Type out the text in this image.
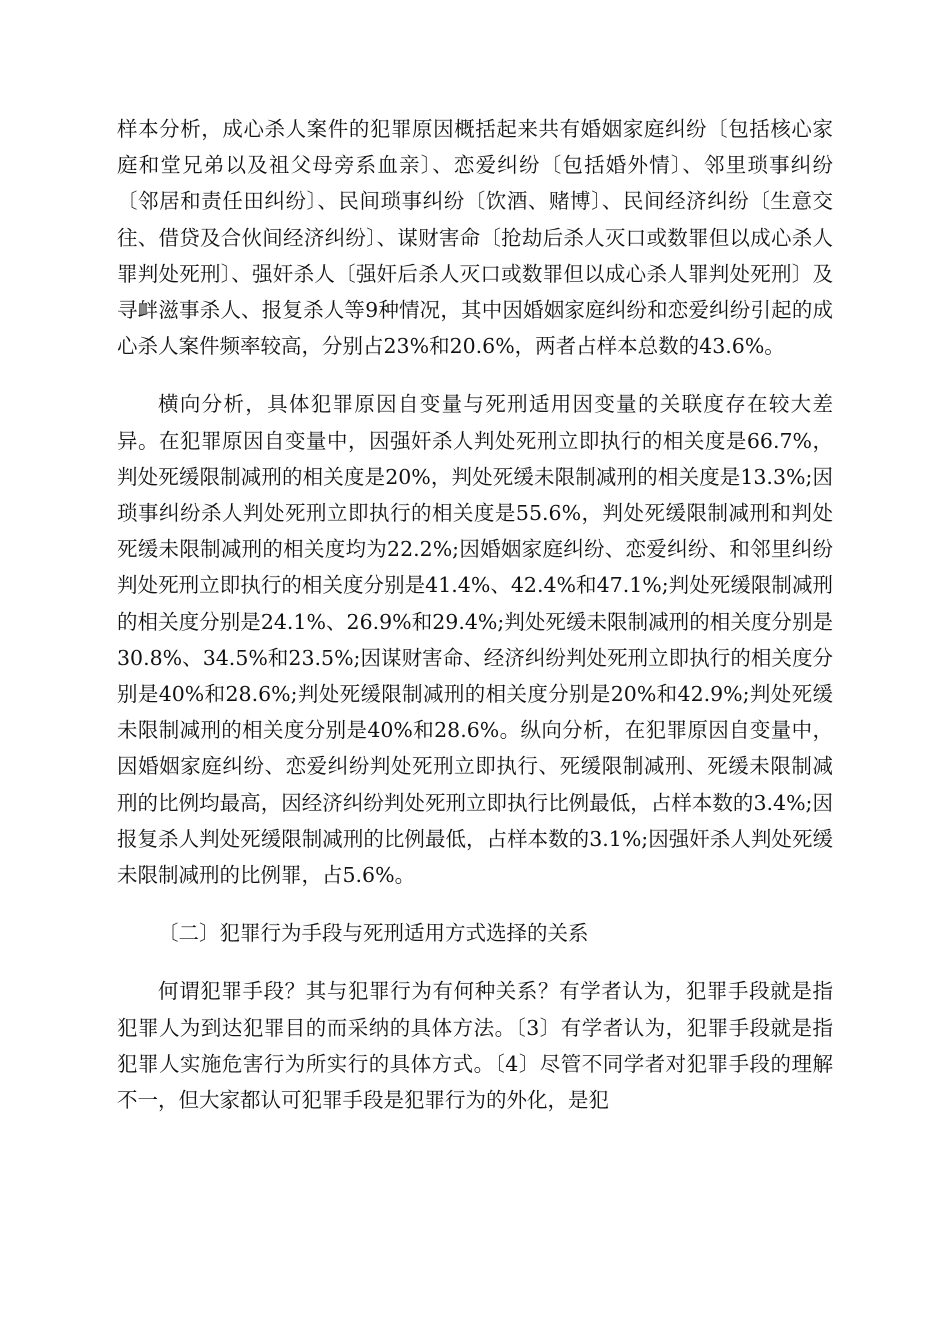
样本分析，成心杀人案件的犯罪原因概括起来共有婚姻家庭纠纷〔包括核心家庭和堂兄弟以及祖父母旁系血亲〕、恋爱纠纷〔包括婚外情〕、邻里琐事纠纷〔邻居和责任田纠纷〕、民间琐事纠纷〔饮酒、赌博〕、民间经济纠纷〔生意交往、借贷及合伙间经济纠纷〕、谋财害命〔抢劫后杀人灭口或数罪但以成心杀人罪判处死刑〕、强奸杀人〔强奸后杀人灭口或数罪但以成心杀人罪判处死刑〕及寻衅滋事杀人、报复杀人等9种情况，其中因婚姻家庭纠纷和恋爱纠纷引起的成心杀人案件频率较高，分别占23%和20.6%，两者占样本总数的43.6%。

横向分析，具体犯罪原因自变量与死刑适用因变量的关联度存在较大差异。在犯罪原因自变量中，因强奸杀人判处死刑立即执行的相关度是66.7%，判处死缓限制减刑的相关度是20%，判处死缓未限制减刑的相关度是13.3%;因琐事纠纷杀人判处死刑立即执行的相关度是55.6%，判处死缓限制减刑和判处死缓未限制减刑的相关度均为22.2%;因婚姻家庭纠纷、恋爱纠纷、和邻里纠纷判处死刑立即执行的相关度分别是41.4%、42.4%和47.1%;判处死缓限制减刑的相关度分别是24.1%、26.9%和29.4%;判处死缓未限制减刑的相关度分别是30.8%、34.5%和23.5%;因谋财害命、经济纠纷判处死刑立即执行的相关度分别是40%和28.6%;判处死缓限制减刑的相关度分别是20%和42.9%;判处死缓未限制减刑的相关度分别是40%和28.6%。纵向分析，在犯罪原因自变量中，因婚姻家庭纠纷、恋爱纠纷判处死刑立即执行、死缓限制减刑、死缓未限制减刑的比例均最高，因经济纠纷判处死刑立即执行比例最低，占样本数的3.4%;因报复杀人判处死缓限制减刑的比例最低，占样本数的3.1%;因强奸杀人判处死缓未限制减刑的比例罪，占5.6%。

〔二〕犯罪行为手段与死刑适用方式选择的关系

何谓犯罪手段？其与犯罪行为有何种关系？有学者认为，犯罪手段就是指犯罪人为到达犯罪目的而采纳的具体方法。〔3〕有学者认为，犯罪手段就是指犯罪人实施危害行为所实行的具体方式。〔4〕尽管不同学者对犯罪手段的理解不一，但大家都认可犯罪手段是犯罪行为的外化，是犯
